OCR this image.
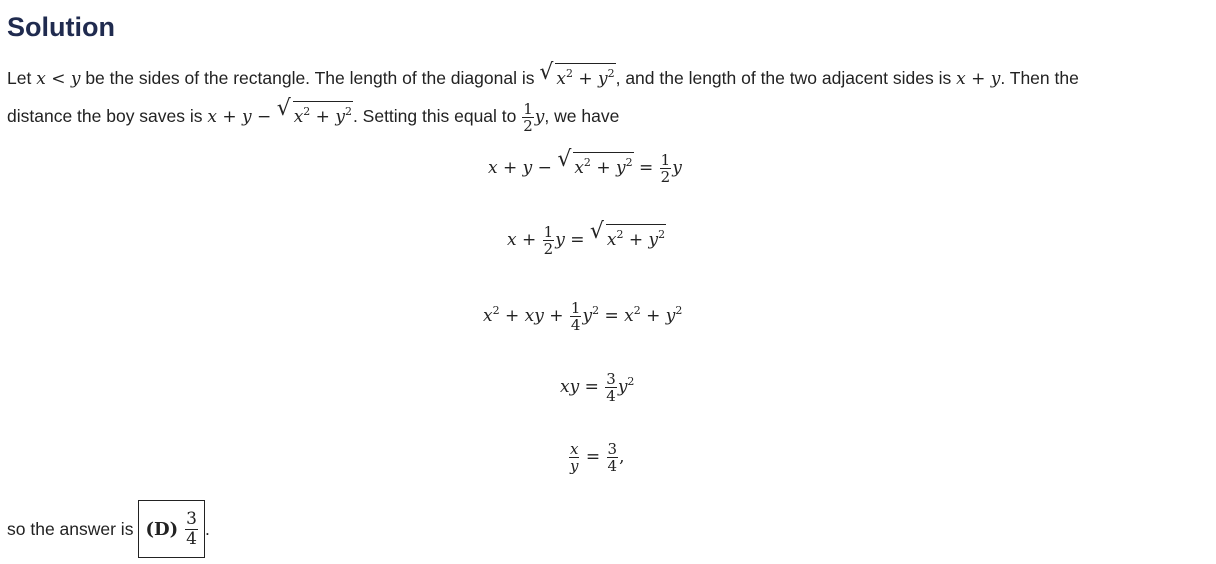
Solution
Let x < y be the sides of the rectangle. The length of the diagonal is √ $x^2 + y^2$, and the length of the two adjacent sides is x + y. Then the
distance the boy saves is x + y − √ $x^2 + y^2$. Setting this equal to $\frac{1}{2} y$, we have
x + y − √ $x^2 + y^2 = \frac{1}{2}$ y
$x + \frac{1}{2}$ y = √ $x^2 + y^2$
$x^2$ + xy + $\frac{1}{4} y^2 = x^2 + y^2$
xy = $\frac{3}{4} y^2$
$\frac{x}{y} = \frac{3}{4}$ ,
so the answer is $(D) \frac{3}{4}$ .
